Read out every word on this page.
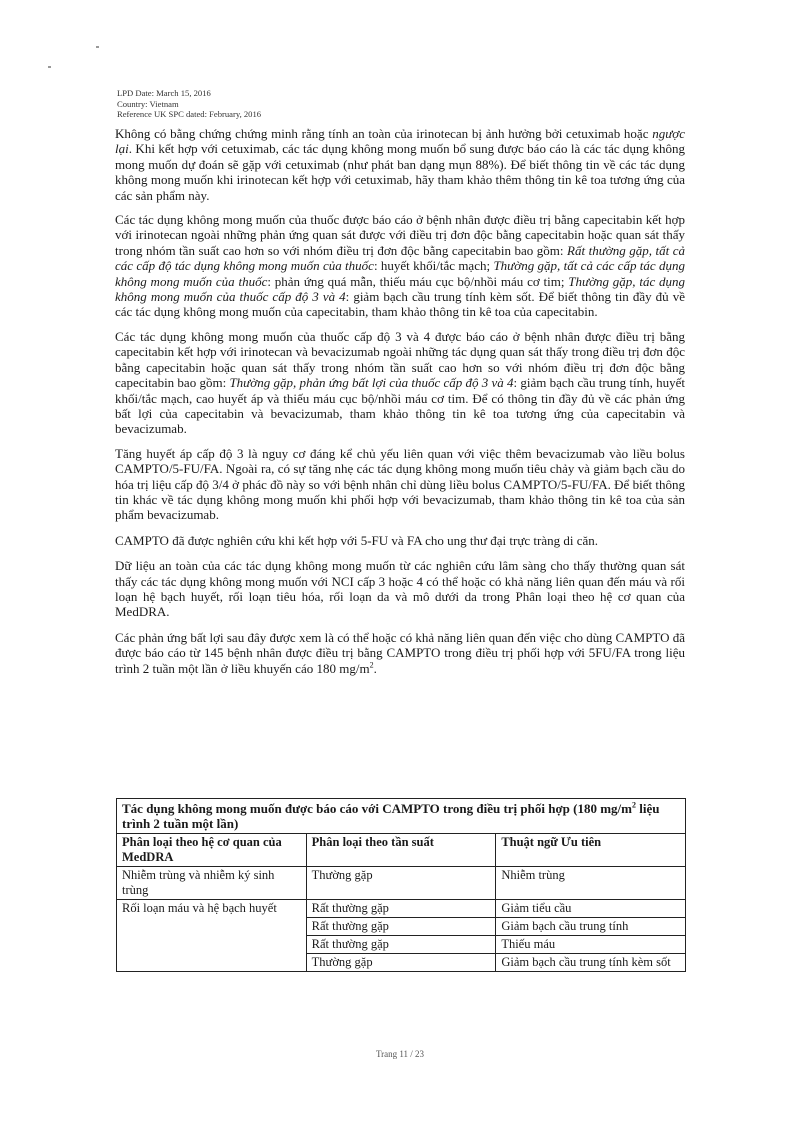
LPD Date: March 15, 2016
Country: Vietnam
Reference UK SPC dated: February, 2016

Không có bằng chứng chứng minh rằng tính an toàn của irinotecan bị ảnh hưởng bởi cetuximab hoặc ngược lại. Khi kết hợp với cetuximab, các tác dụng không mong muốn bổ sung được báo cáo là các tác dụng không mong muốn dự đoán sẽ gặp với cetuximab (như phát ban dạng mụn 88%). Để biết thông tin về các tác dụng không mong muốn khi irinotecan kết hợp với cetuximab, hãy tham khảo thêm thông tin kê toa tương ứng của các sản phẩm này.

Các tác dụng không mong muốn của thuốc được báo cáo ở bệnh nhân được điều trị bằng capecitabin kết hợp với irinotecan ngoài những phản ứng quan sát được với điều trị đơn độc bằng capecitabin hoặc quan sát thấy trong nhóm tần suất cao hơn so với nhóm điều trị đơn độc bằng capecitabin bao gồm: Rất thường gặp, tất cả các cấp độ tác dụng không mong muốn của thuốc: huyết khối/tắc mạch; Thường gặp, tất cả các cấp tác dụng không mong muốn của thuốc: phản ứng quá mẫn, thiếu máu cục bộ/nhồi máu cơ tim; Thường gặp, tác dụng không mong muốn của thuốc cấp độ 3 và 4: giảm bạch cầu trung tính kèm sốt. Để biết thông tin đầy đủ về các tác dụng không mong muốn của capecitabin, tham khảo thông tin kê toa của capecitabin.

Các tác dụng không mong muốn của thuốc cấp độ 3 và 4 được báo cáo ở bệnh nhân được điều trị bằng capecitabin kết hợp với irinotecan và bevacizumab ngoài những tác dụng quan sát thấy trong điều trị đơn độc bằng capecitabin hoặc quan sát thấy trong nhóm tần suất cao hơn so với nhóm điều trị đơn độc bằng capecitabin bao gồm: Thường gặp, phản ứng bất lợi của thuốc cấp độ 3 và 4: giảm bạch cầu trung tính, huyết khối/tắc mạch, cao huyết áp và thiếu máu cục bộ/nhồi máu cơ tim. Để có thông tin đầy đủ về các phản ứng bất lợi của capecitabin và bevacizumab, tham khảo thông tin kê toa tương ứng của capecitabin và bevacizumab.

Tăng huyết áp cấp độ 3 là nguy cơ đáng kể chủ yếu liên quan với việc thêm bevacizumab vào liều bolus CAMPTO/5-FU/FA. Ngoài ra, có sự tăng nhẹ các tác dụng không mong muốn tiêu chảy và giảm bạch cầu do hóa trị liệu cấp độ 3/4 ở phác đồ này so với bệnh nhân chỉ dùng liều bolus CAMPTO/5-FU/FA. Để biết thông tin khác về tác dụng không mong muốn khi phối hợp với bevacizumab, tham khảo thông tin kê toa của sản phẩm bevacizumab.

CAMPTO đã được nghiên cứu khi kết hợp với 5-FU và FA cho ung thư đại trực tràng di căn.

Dữ liệu an toàn của các tác dụng không mong muốn từ các nghiên cứu lâm sàng cho thấy thường quan sát thấy các tác dụng không mong muốn với NCI cấp 3 hoặc 4 có thể hoặc có khả năng liên quan đến máu và rối loạn hệ bạch huyết, rối loạn tiêu hóa, rối loạn da và mô dưới da trong Phân loại theo hệ cơ quan của MedDRA.

Các phản ứng bất lợi sau đây được xem là có thể hoặc có khả năng liên quan đến việc cho dùng CAMPTO đã được báo cáo từ 145 bệnh nhân được điều trị bằng CAMPTO trong điều trị phối hợp với 5FU/FA trong liệu trình 2 tuần một lần ở liều khuyến cáo 180 $mg/m^2$.

Tác dụng không mong muốn được báo cáo với CAMPTO trong điều trị phối hợp (180 $mg/m^2$ liệu trình 2 tuần một lần)		
Phân loại theo hệ cơ quan của MedDRA	Phân loại theo tần suất	Thuật ngữ Ưu tiên
Nhiễm trùng và nhiễm ký sinh trùng	Thường gặp	Nhiễm trùng
Rối loạn máu và hệ bạch huyết	Rất thường gặp	Giảm tiểu cầu
	Rất thường gặp	Giảm bạch cầu trung tính
	Rất thường gặp	Thiếu máu
	Thường gặp	Giảm bạch cầu trung tính kèm sốt
Trang 11 / 23
